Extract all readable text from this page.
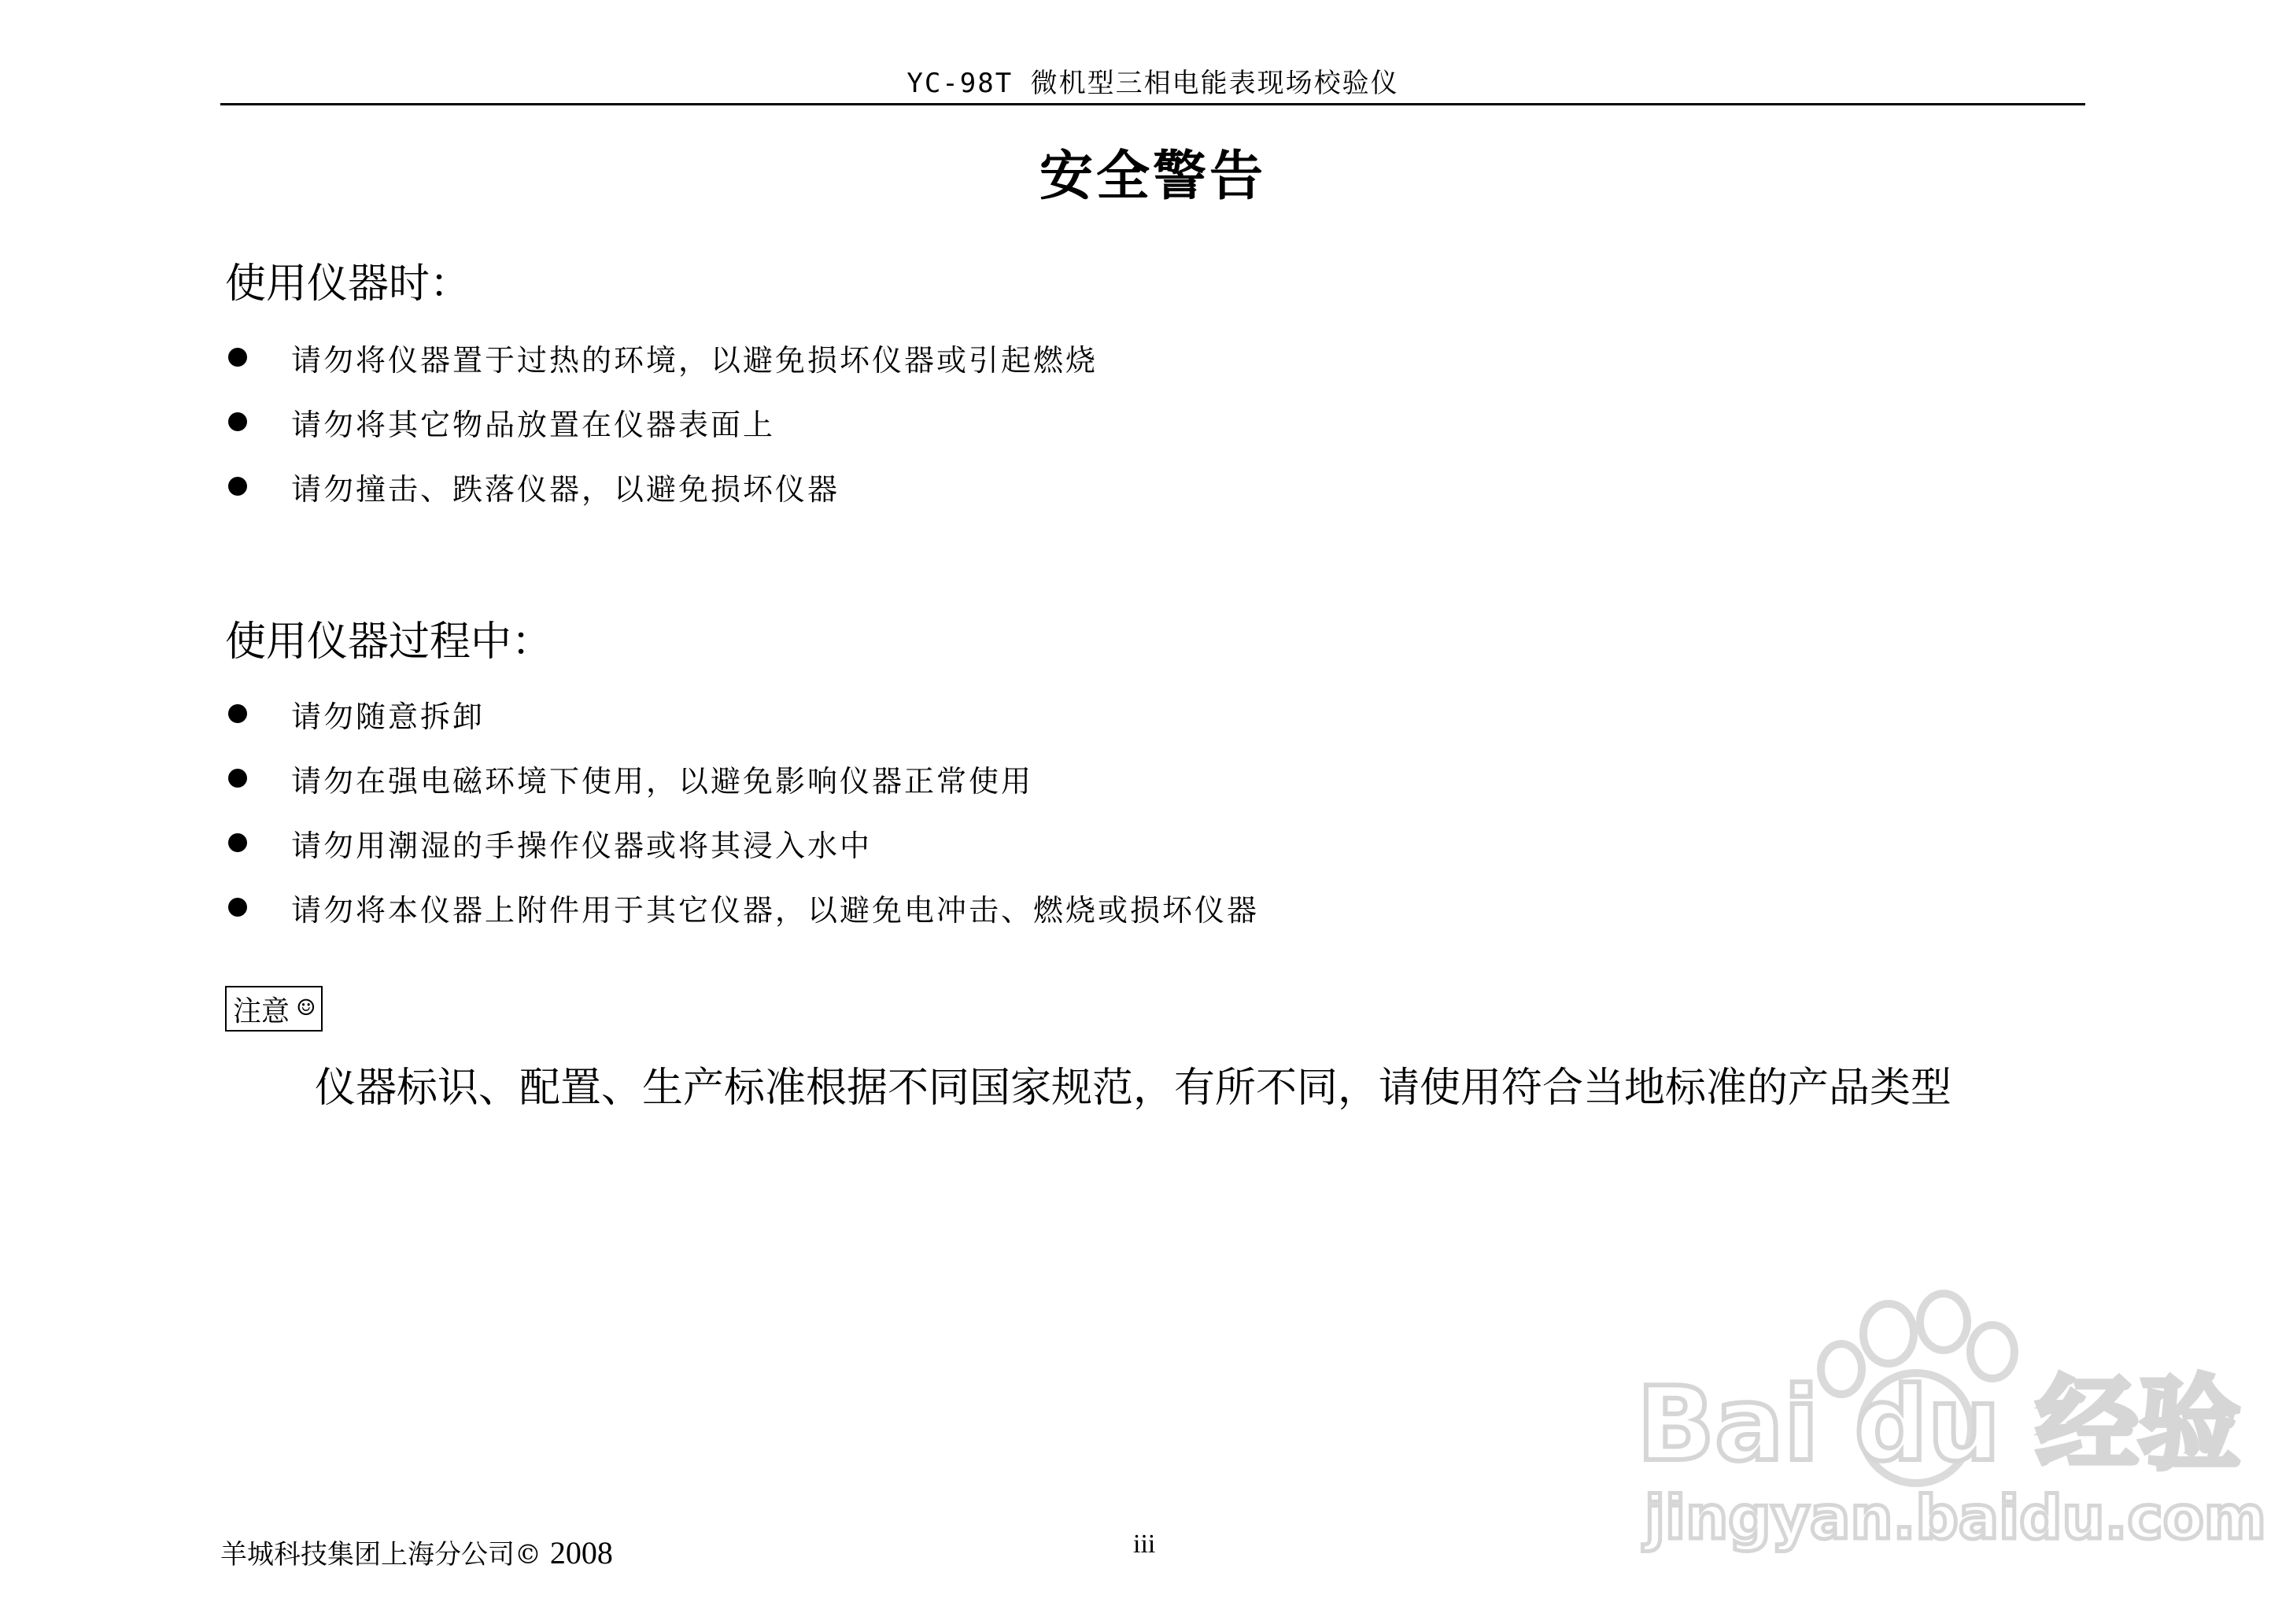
YC-98T 微机型三相电能表现场校验仪
安全警告
使用仪器时：
请勿将仪器置于过热的环境，以避免损坏仪器或引起燃烧
请勿将其它物品放置在仪器表面上
请勿撞击、跌落仪器，以避免损坏仪器
使用仪器过程中：
请勿随意拆卸
请勿在强电磁环境下使用，以避免影响仪器正常使用
请勿用潮湿的手操作仪器或将其浸入水中
请勿将本仪器上附件用于其它仪器，以避免电冲击、燃烧或损坏仪器
注意 ☺
仪器标识、配置、生产标准根据不同国家规范，有所不同，请使用符合当地标准的产品类型
Bai du 经验
jingyan.baidu.com
羊城科技集团上海分公司© 2008	iii
